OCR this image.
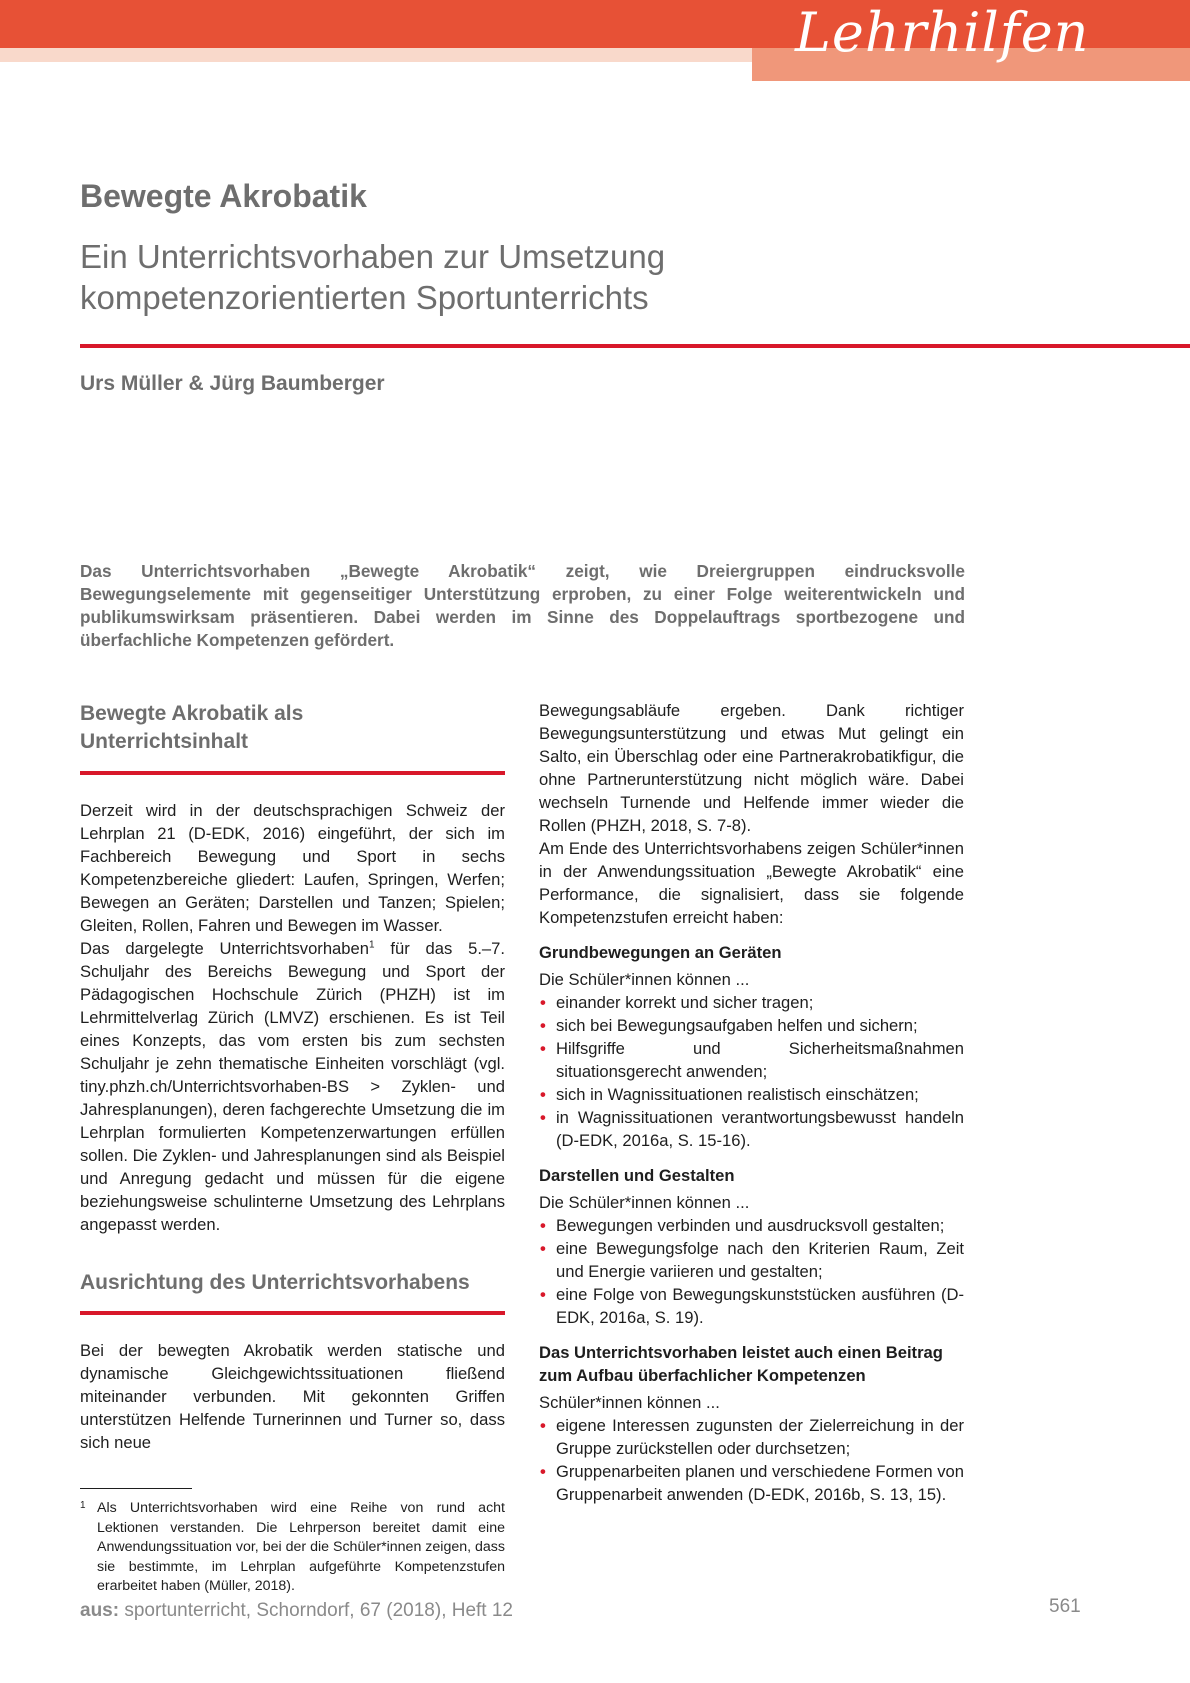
Lehrhilfen
Bewegte Akrobatik
Ein Unterrichtsvorhaben zur Umsetzung kompetenzorientierten Sportunterrichts

Urs Müller & Jürg Baumberger

Das Unterrichtsvorhaben „Bewegte Akrobatik“ zeigt, wie Dreiergruppen eindrucksvolle Bewegungselemente mit gegenseitiger Unterstützung erproben, zu einer Folge weiterentwickeln und publikumswirksam präsentieren. Dabei werden im Sinne des Doppelauftrags sportbezogene und überfachliche Kompetenzen gefördert.

Bewegte Akrobatik als Unterrichtsinhalt

Derzeit wird in der deutschsprachigen Schweiz der Lehrplan 21 (D-EDK, 2016) eingeführt, der sich im Fachbereich Bewegung und Sport in sechs Kompetenzbereiche gliedert: Laufen, Springen, Werfen; Bewegen an Geräten; Darstellen und Tanzen; Spielen; Gleiten, Rollen, Fahren und Bewegen im Wasser.

Das dargelegte Unterrichtsvorhaben$^1$ für das 5.–7. Schuljahr des Bereichs Bewegung und Sport der Pädagogischen Hochschule Zürich (PHZH) ist im Lehrmittelverlag Zürich (LMVZ) erschienen. Es ist Teil eines Konzepts, das vom ersten bis zum sechsten Schuljahr je zehn thematische Einheiten vorschlägt (vgl. tiny.phzh.ch/Unterrichtsvorhaben-BS > Zyklen- und Jahresplanungen), deren fachgerechte Umsetzung die im Lehrplan formulierten Kompetenzerwartungen erfüllen sollen. Die Zyklen- und Jahresplanungen sind als Beispiel und Anregung gedacht und müssen für die eigene beziehungsweise schulinterne Umsetzung des Lehrplans angepasst werden.

Ausrichtung des Unterrichtsvorhabens

Bei der bewegten Akrobatik werden statische und dynamische Gleichgewichtssituationen fließend miteinander verbunden. Mit gekonnten Griffen unterstützen Helfende Turnerinnen und Turner so, dass sich neue

1 Als Unterrichtsvorhaben wird eine Reihe von rund acht Lektionen verstanden. Die Lehrperson bereitet damit eine Anwendungssituation vor, bei der die Schüler*innen zeigen, dass sie bestimmte, im Lehrplan aufgeführte Kompetenzstufen erarbeitet haben (Müller, 2018).

Bewegungsabläufe ergeben. Dank richtiger Bewegungsunterstützung und etwas Mut gelingt ein Salto, ein Überschlag oder eine Partnerakrobatikfigur, die ohne Partnerunterstützung nicht möglich wäre. Dabei wechseln Turnende und Helfende immer wieder die Rollen (PHZH, 2018, S. 7-8).

Am Ende des Unterrichtsvorhabens zeigen Schüler*innen in der Anwendungssituation „Bewegte Akrobatik“ eine Performance, die signalisiert, dass sie folgende Kompetenzstufen erreicht haben:

Grundbewegungen an Geräten

Die Schüler*innen können ...

• einander korrekt und sicher tragen;
• sich bei Bewegungsaufgaben helfen und sichern;
• Hilfsgriffe und Sicherheitsmaßnahmen situationsgerecht anwenden;
• sich in Wagnissituationen realistisch einschätzen;
• in Wagnissituationen verantwortungsbewusst handeln (D-EDK, 2016a, S. 15-16).
Darstellen und Gestalten

Die Schüler*innen können ...

• Bewegungen verbinden und ausdrucksvoll gestalten;
• eine Bewegungsfolge nach den Kriterien Raum, Zeit und Energie variieren und gestalten;
• eine Folge von Bewegungskunststücken ausführen (D-EDK, 2016a, S. 19).
Das Unterrichtsvorhaben leistet auch einen Beitrag zum Aufbau überfachlicher Kompetenzen

Schüler*innen können ...

• eigene Interessen zugunsten der Zielerreichung in der Gruppe zurückstellen oder durchsetzen;
• Gruppenarbeiten planen und verschiedene Formen von Gruppenarbeit anwenden (D-EDK, 2016b, S. 13, 15).
aus: sportunterricht, Schorndorf, 67 (2018), Heft 12	561
